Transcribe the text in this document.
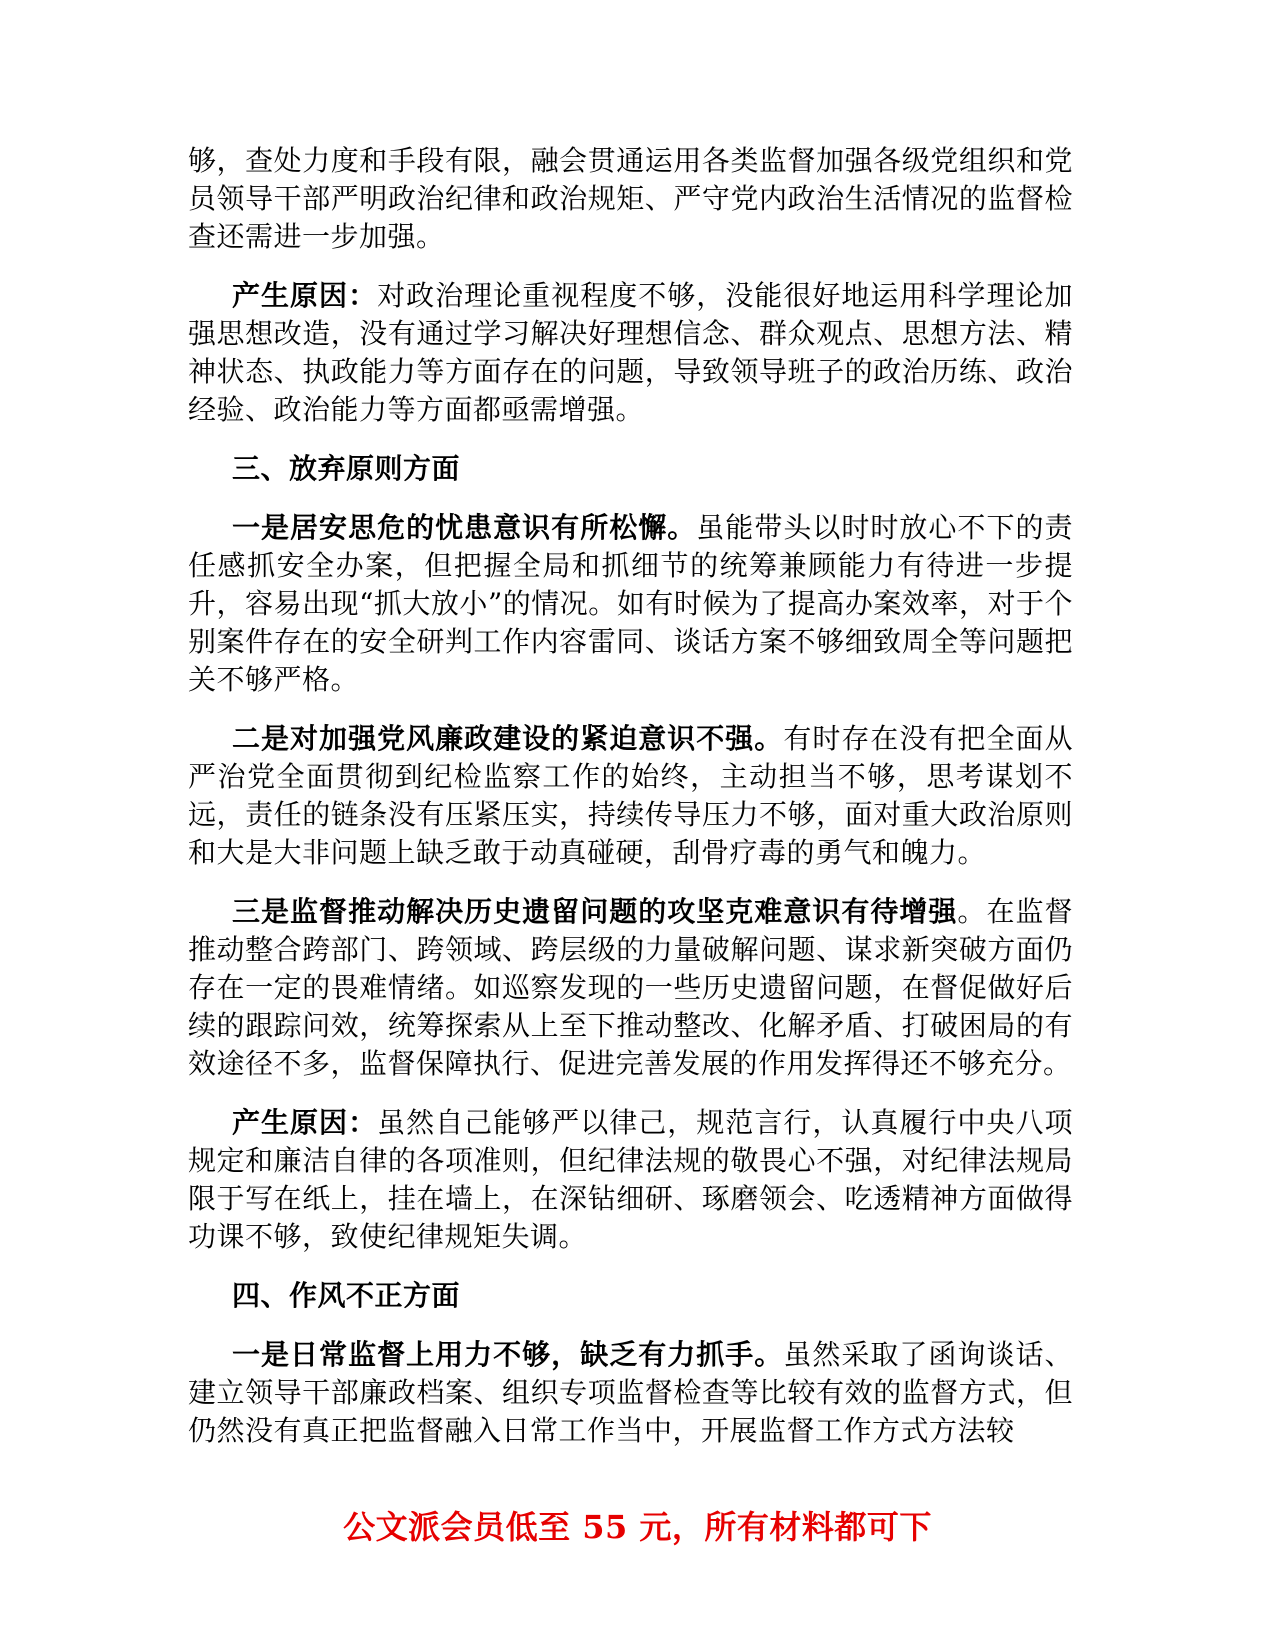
够，查处力度和手段有限，融会贯通运用各类监督加强各级党组织和党员领导干部严明政治纪律和政治规矩、严守党内政治生活情况的监督检查还需进一步加强。

产生原因：对政治理论重视程度不够，没能很好地运用科学理论加强思想改造，没有通过学习解决好理想信念、群众观点、思想方法、精神状态、执政能力等方面存在的问题，导致领导班子的政治历练、政治经验、政治能力等方面都亟需增强。

三、放弃原则方面

一是居安思危的忧患意识有所松懈。虽能带头以时时放心不下的责任感抓安全办案，但把握全局和抓细节的统筹兼顾能力有待进一步提升，容易出现“抓大放小”的情况。如有时候为了提高办案效率，对于个别案件存在的安全研判工作内容雷同、谈话方案不够细致周全等问题把关不够严格。

二是对加强党风廉政建设的紧迫意识不强。有时存在没有把全面从严治党全面贯彻到纪检监察工作的始终，主动担当不够，思考谋划不远，责任的链条没有压紧压实，持续传导压力不够，面对重大政治原则和大是大非问题上缺乏敢于动真碰硬，刮骨疗毒的勇气和魄力。

三是监督推动解决历史遗留问题的攻坚克难意识有待增强。在监督推动整合跨部门、跨领域、跨层级的力量破解问题、谋求新突破方面仍存在一定的畏难情绪。如巡察发现的一些历史遗留问题，在督促做好后续的跟踪问效，统筹探索从上至下推动整改、化解矛盾、打破困局的有效途径不多，监督保障执行、促进完善发展的作用发挥得还不够充分。

产生原因：虽然自己能够严以律己，规范言行，认真履行中央八项规定和廉洁自律的各项准则，但纪律法规的敬畏心不强，对纪律法规局限于写在纸上，挂在墙上，在深钻细研、琢磨领会、吃透精神方面做得功课不够，致使纪律规矩失调。

四、作风不正方面

一是日常监督上用力不够，缺乏有力抓手。虽然采取了函询谈话、建立领导干部廉政档案、组织专项监督检查等比较有效的监督方式，但仍然没有真正把监督融入日常工作当中，开展监督工作方式方法较

公文派会员低至 55 元，所有材料都可下
